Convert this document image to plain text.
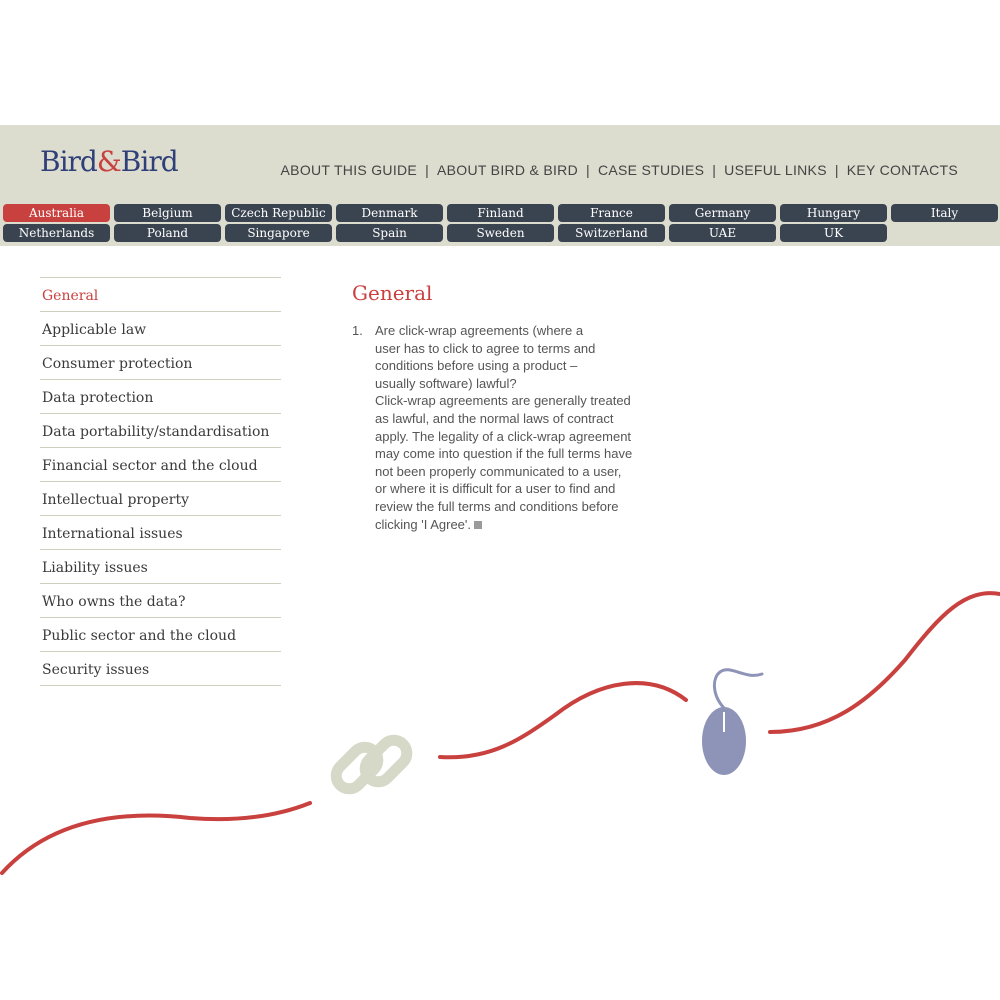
Bird&Bird	ABOUT THIS GUIDE | ABOUT BIRD & BIRD | CASE STUDIES | USEFUL LINKS | KEY CONTACTS
Australia	Belgium	Czech Republic	Denmark	Finland	France	Germany	Hungary	Italy
Netherlands	Poland	Singapore	Spain	Sweden	Switzerland	UAE	UK
General
Applicable law
Consumer protection
Data protection
Data portability/standardisation
Financial sector and the cloud
Intellectual property
International issues
Liability issues
Who owns the data?
Public sector and the cloud
Security issues
General
1. Are click-wrap agreements (where a
user has to click to agree to terms and
conditions before using a product –
usually software) lawful?
Click-wrap agreements are generally treated
as lawful, and the normal laws of contract
apply. The legality of a click-wrap agreement
may come into question if the full terms have
not been properly communicated to a user,
or where it is difficult for a user to find and
review the full terms and conditions before
clicking 'I Agree'.
